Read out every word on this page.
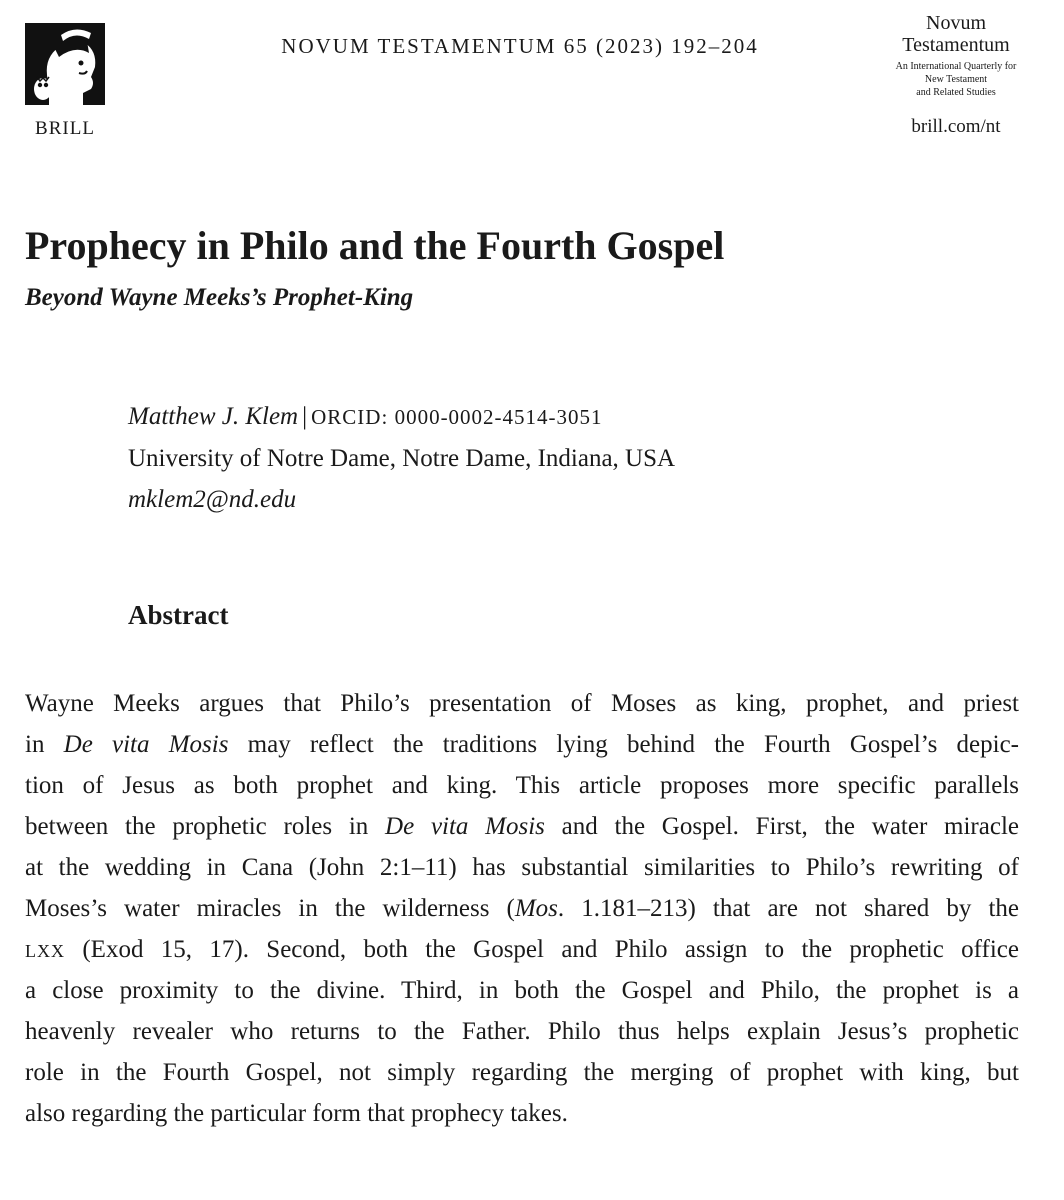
BRILL
NOVUM TESTAMENTUM 65 (2023) 192–204
Novum
Testamentum
An International Quarterly for
New Testament
and Related Studies
brill.com/nt
Prophecy in Philo and the Fourth Gospel
Beyond Wayne Meeks’s Prophet-King
Matthew J. Klem | ORCID: 0000-0002-4514-3051
University of Notre Dame, Notre Dame, Indiana, USA
mklem2@nd.edu
Abstract
Wayne Meeks argues that Philo’s presentation of Moses as king, prophet, and priest
in De vita Mosis may reflect the traditions lying behind the Fourth Gospel’s depic-
tion of Jesus as both prophet and king. This article proposes more specific parallels
between the prophetic roles in De vita Mosis and the Gospel. First, the water miracle
at the wedding in Cana (John 2:1–11) has substantial similarities to Philo’s rewriting of
Moses’s water miracles in the wilderness (Mos. 1.181–213) that are not shared by the
lxx (Exod 15, 17). Second, both the Gospel and Philo assign to the prophetic office
a close proximity to the divine. Third, in both the Gospel and Philo, the prophet is a
heavenly revealer who returns to the Father. Philo thus helps explain Jesus’s prophetic
role in the Fourth Gospel, not simply regarding the merging of prophet with king, but
also regarding the particular form that prophecy takes.
